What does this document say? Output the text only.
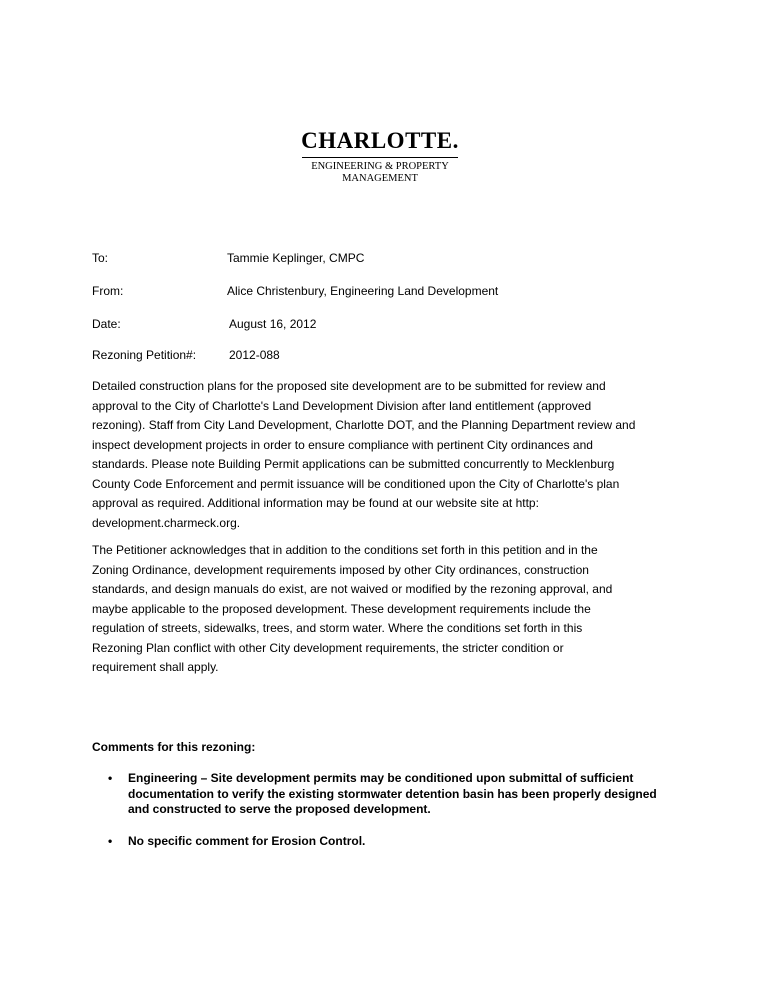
CHARLOTTE.
ENGINEERING & PROPERTY
MANAGEMENT
To:	Tammie Keplinger, CMPC
From:	Alice Christenbury, Engineering Land Development
Date:	August 16, 2012
Rezoning Petition#:	2012-088
Detailed construction plans for the proposed site development are to be submitted for review and
approval to the City of Charlotte's Land Development Division after land entitlement (approved
rezoning). Staff from City Land Development, Charlotte DOT, and the Planning Department review and
inspect development projects in order to ensure compliance with pertinent City ordinances and
standards. Please note Building Permit applications can be submitted concurrently to Mecklenburg
County Code Enforcement and permit issuance will be conditioned upon the City of Charlotte's plan
approval as required. Additional information may be found at our website site at http:
development.charmeck.org.
The Petitioner acknowledges that in addition to the conditions set forth in this petition and in the
Zoning Ordinance, development requirements imposed by other City ordinances, construction
standards, and design manuals do exist, are not waived or modified by the rezoning approval, and
maybe applicable to the proposed development. These development requirements include the
regulation of streets, sidewalks, trees, and storm water. Where the conditions set forth in this
Rezoning Plan conflict with other City development requirements, the stricter condition or
requirement shall apply.
Comments for this rezoning:
• Engineering – Site development permits may be conditioned upon submittal of sufficient
documentation to verify the existing stormwater detention basin has been properly designed
and constructed to serve the proposed development.
• No specific comment for Erosion Control.
